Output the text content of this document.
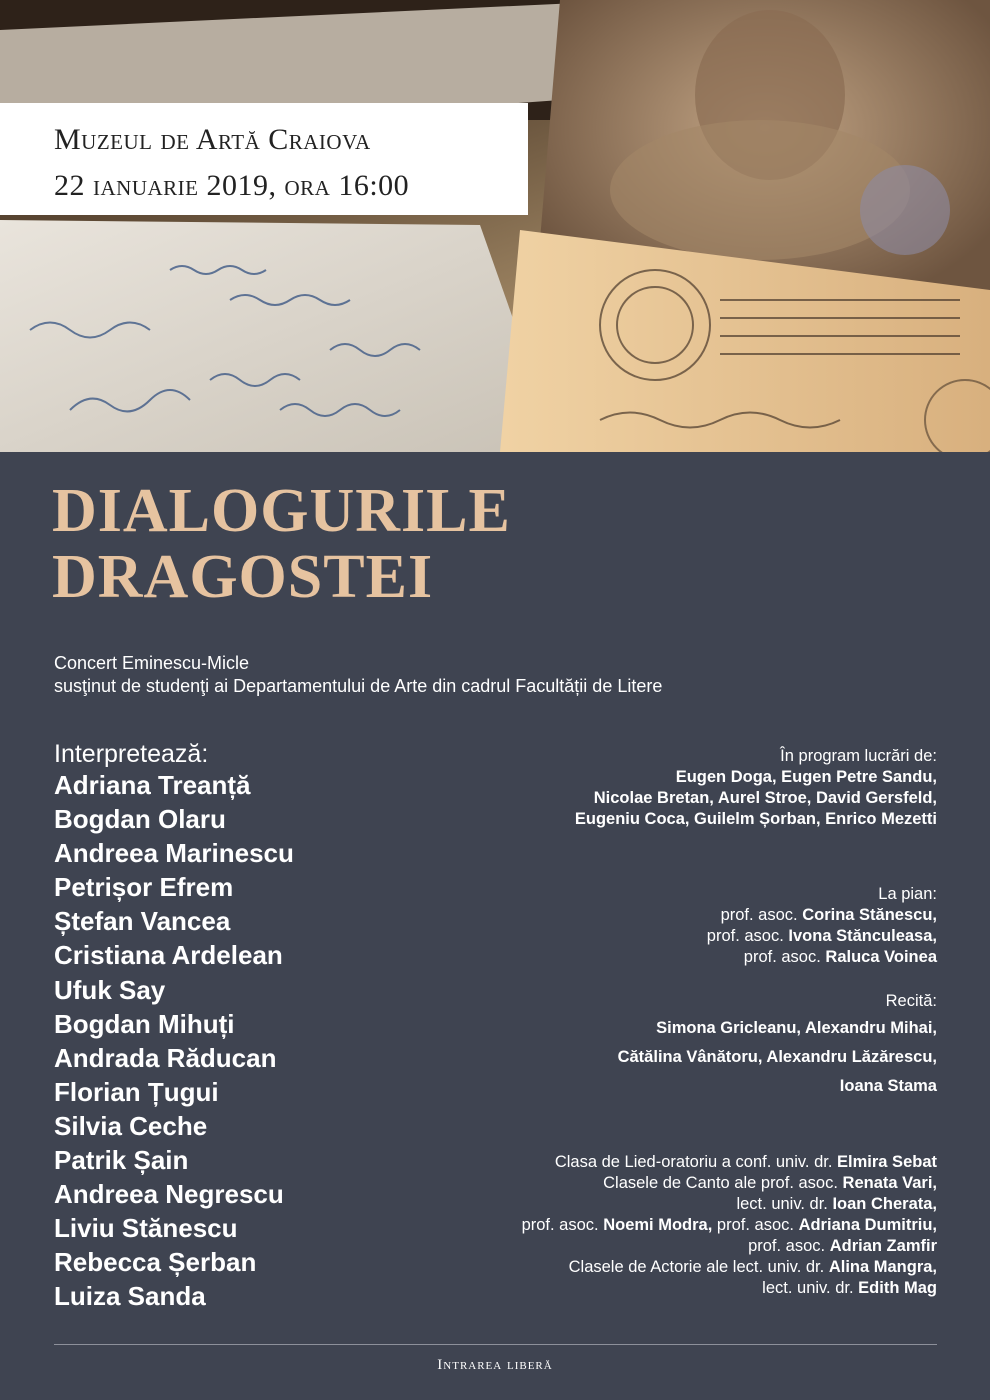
Muzeul de Artă Craiova
22 ianuarie 2019, ora 16:00
DIALOGURILE
DRAGOSTEI
Concert Eminescu-Micle
susţinut de studenţi ai Departamentului de Arte din cadrul Facultății de Litere
Interpretează:
Adriana Treanță
Bogdan Olaru
Andreea Marinescu
Petrișor Efrem
Ștefan Vancea
Cristiana Ardelean
Ufuk Say
Bogdan Mihuți
Andrada Răducan
Florian Țugui
Silvia Ceche
Patrik Șain
Andreea Negrescu
Liviu Stănescu
Rebecca Șerban
Luiza Sanda
În program lucrări de:
Eugen Doga, Eugen Petre Sandu,
Nicolae Bretan, Aurel Stroe, David Gersfeld,
Eugeniu Coca, Guilelm Șorban, Enrico Mezetti
La pian:
prof. asoc. Corina Stănescu,
prof. asoc. Ivona Stănculeasa,
prof. asoc. Raluca Voinea
Recită:
Simona Gricleanu, Alexandru Mihai,
Cătălina Vânătoru, Alexandru Lăzărescu,
Ioana Stama
Clasa de Lied-oratoriu a conf. univ. dr. Elmira Sebat
Clasele de Canto ale prof. asoc. Renata Vari,
lect. univ. dr. Ioan Cherata,
prof. asoc. Noemi Modra, prof. asoc. Adriana Dumitriu,
prof. asoc. Adrian Zamfir
Clasele de Actorie ale lect. univ. dr. Alina Mangra,
lect. univ. dr. Edith Mag
Intrarea liberă
